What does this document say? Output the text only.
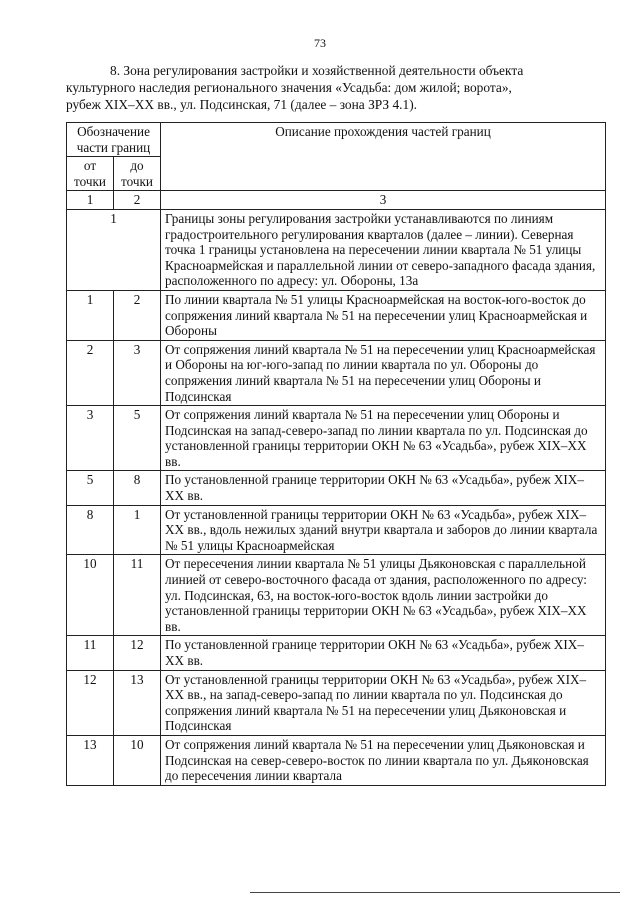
73
8. Зона регулирования застройки и хозяйственной деятельности объекта
культурного наследия регионального значения «Усадьба: дом жилой; ворота»,
рубеж XIX–XX вв., ул. Подсинская, 71 (далее – зона ЗРЗ 4.1).
Обозначение части границ		Описание прохождения частей границ
от точки	до точки	
1	2	3
1		Границы зоны регулирования застройки устанавливаются по линиям градостроительного регулирования кварталов (далее – линии). Северная точка 1 границы установлена на пересечении линии квартала № 51 улицы Красноармейская и параллельной линии от северо-западного фасада здания, расположенного по адресу: ул. Обороны, 13а
1	2	По линии квартала № 51 улицы Красноармейская на восток-юго-восток до сопряжения линий квартала № 51 на пересечении улиц Красноармейская и Обороны
2	3	От сопряжения линий квартала № 51 на пересечении улиц Красноармейская и Обороны на юг-юго-запад по линии квартала по ул. Обороны до сопряжения линий квартала № 51 на пересечении улиц Обороны и Подсинская
3	5	От сопряжения линий квартала № 51 на пересечении улиц Обороны и Подсинская на запад-северо-запад по линии квартала по ул. Подсинская до установленной границы территории ОКН № 63 «Усадьба», рубеж XIX–XX вв.
5	8	По установленной границе территории ОКН № 63 «Усадьба», рубеж XIX–XX вв.
8	1	От установленной границы территории ОКН № 63 «Усадьба», рубеж XIX–XX вв., вдоль нежилых зданий внутри квартала и заборов до линии квартала № 51 улицы Красноармейская
10	11	От пересечения линии квартала № 51 улицы Дьяконовская с параллельной линией от северо-восточного фасада от здания, расположенного по адресу: ул. Подсинская, 63, на восток-юго-восток вдоль линии застройки до установленной границы территории ОКН № 63 «Усадьба», рубеж XIX–XX вв.
11	12	По установленной границе территории ОКН № 63 «Усадьба», рубеж XIX–XX вв.
12	13	От установленной границы территории ОКН № 63 «Усадьба», рубеж XIX–XX вв., на запад-северо-запад по линии квартала по ул. Подсинская до сопряжения линий квартала № 51 на пересечении улиц Дьяконовская и Подсинская
13	10	От сопряжения линий квартала № 51 на пересечении улиц Дьяконовская и Подсинская на север-северо-восток по линии квартала по ул. Дьяконовская до пересечения линии квартала
